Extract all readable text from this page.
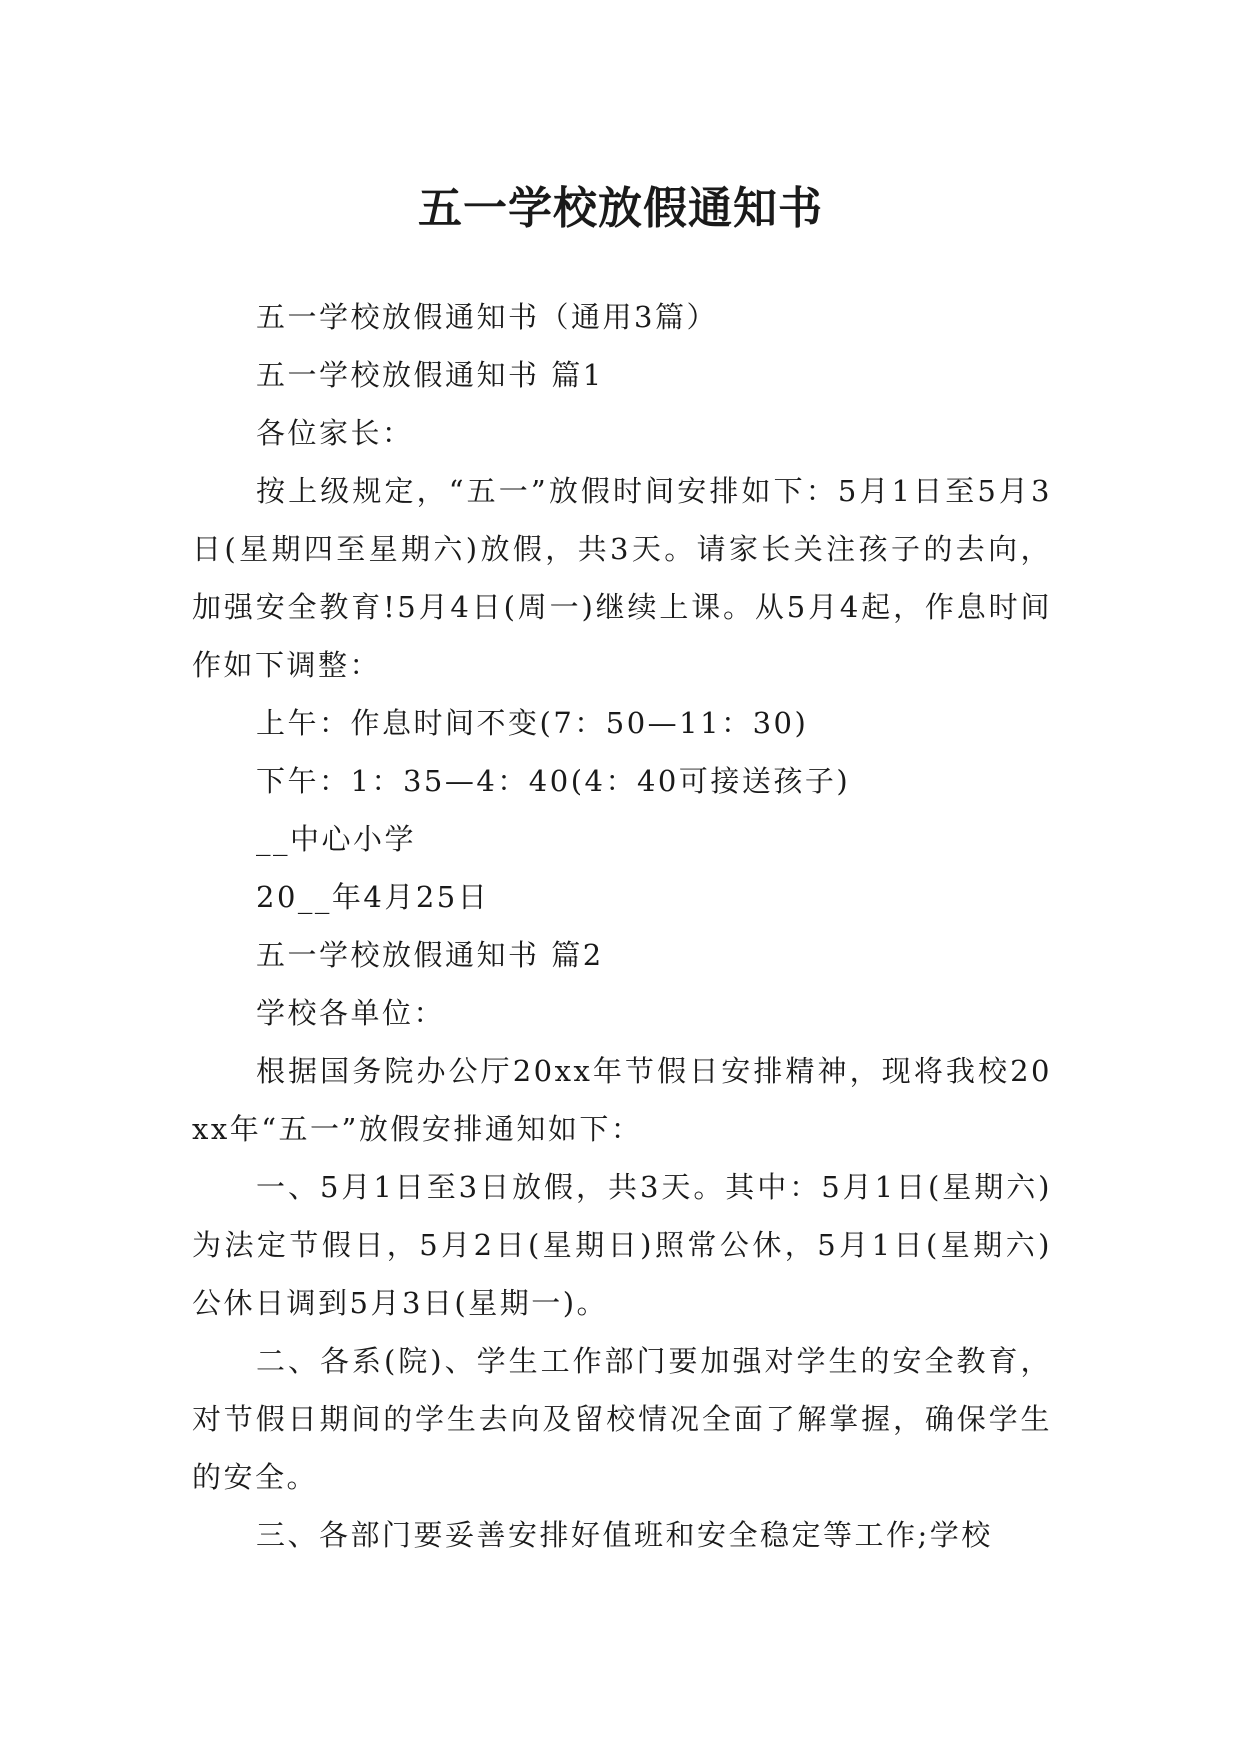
五一学校放假通知书

五一学校放假通知书（通用3篇）

五一学校放假通知书 篇1

各位家长：

按上级规定，“五一”放假时间安排如下：5月1日至5月3日(星期四至星期六)放假，共3天。请家长关注孩子的去向，加强安全教育!5月4日(周一)继续上课。从5月4起，作息时间作如下调整：

上午：作息时间不变(7：50—11：30)

下午：1：35—4：40(4：40可接送孩子)

__中心小学

20__年4月25日

五一学校放假通知书 篇2

学校各单位：

根据国务院办公厅20xx年节假日安排精神，现将我校20xx年“五一”放假安排通知如下：

一、5月1日至3日放假，共3天。其中：5月1日(星期六)为法定节假日，5月2日(星期日)照常公休，5月1日(星期六)公休日调到5月3日(星期一)。

二、各系(院)、学生工作部门要加强对学生的安全教育，对节假日期间的学生去向及留校情况全面了解掌握，确保学生的安全。

三、各部门要妥善安排好值班和安全稳定等工作;学校
